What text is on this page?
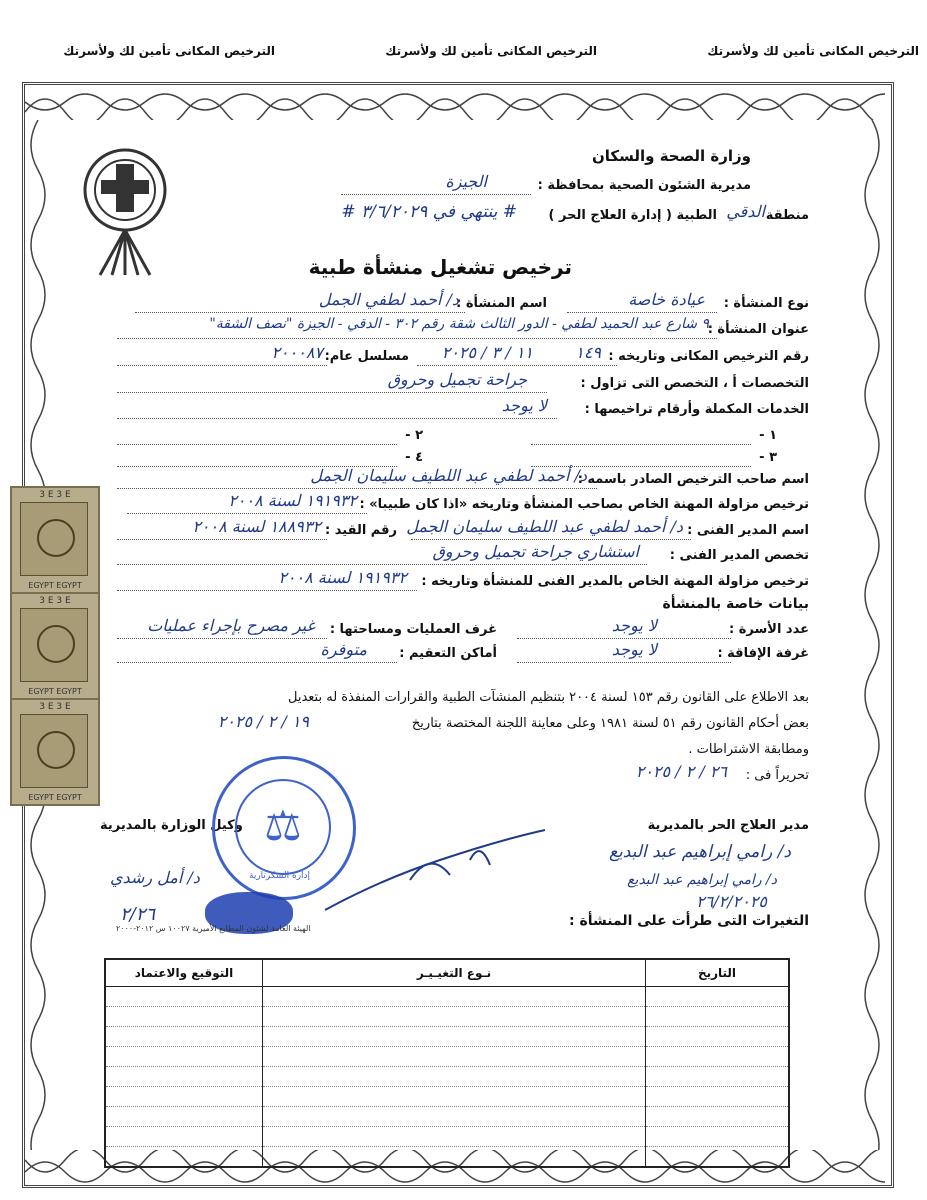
الترخيص المكانى تأمين لك ولأسرتك
الترخيص المكانى تأمين لك ولأسرتك
الترخيص المكانى تأمين لك ولأسرتك
وزارة الصحة والسكان
مديرية الشئون الصحية بمحافظة :
الجيزة
منطقة
الدقي
الطبية ( إدارة العلاج الحر )
# ينتهي في ٣/٦/٢٠٢٩ #
ترخيص تشغيل منشأة طبية
نوع المنشأة :
عيادة خاصة
اسم المنشأة :
د/ أحمد لطفي الجمل
عنوان المنشأة :
٩ شارع عبد الحميد لطفي - الدور الثالث شقة رقم ٣٠٢ - الدقي - الجيزة "نصف الشقة"
رقم الترخيص المكانى وتاريخه :
١٤٩
١١ / ٣ / ٢٠٢٥
مسلسل عام:
٢٠٠٠٨٧
التخصصات أ ، التخصص التى تزاول :
جراحة تجميل وحروق
الخدمات المكملة وأرقام تراخيصها :
لا يوجد
١ -
٢ -
٣ -
٤ -
اسم صاحب الترخيص الصادر باسمه :
د/ أحمد لطفي عبد اللطيف سليمان الجمل
ترخيص مزاولة المهنة الخاص بصاحب المنشأة وتاريخه «اذا كان طبيبا» :
١٩١٩٣٢ لسنة ٢٠٠٨
اسم المدير الفنى :
د/ أحمد لطفي عبد اللطيف سليمان الجمل
رقم القيد :
١٨٨٩٣٢ لسنة ٢٠٠٨
تخصص المدير الفنى :
استشاري جراحة تجميل وحروق
ترخيص مزاولة المهنة الخاص بالمدير الفنى للمنشأة وتاريخه :
١٩١٩٣٢ لسنة ٢٠٠٨
بيانات خاصة بالمنشأة
عدد الأسرة :
لا يوجد
غرف العمليات ومساحتها :
غير مصرح بإجراء عمليات
غرفة الإفاقة :
لا يوجد
أماكن التعقيم :
متوفرة
3 E 3 E
EGYPT EGYPT
3 E 3 E
EGYPT EGYPT
3 E 3 E
EGYPT EGYPT
بعد الاطلاع على القانون رقم ١٥٣ لسنة ٢٠٠٤ بتنظيم المنشآت الطبية والقرارات المنفذة له بتعديل
بعض أحكام القانون رقم ٥١ لسنة ١٩٨١ وعلى معاينة اللجنة المختصة بتاريخ
١٩ / ٢ / ٢٠٢٥
ومطابقة الاشتراطات .
تحريراً فى :
٢٦ / ٢ / ٢٠٢٥
مدير العلاج الحر بالمديرية
د/ رامي إبراهيم عبد البديع
د/ رامي إبراهيم عبد البديع
٢٦/٢/٢٠٢٥
وكيل الوزارة بالمديرية
د/ أمل رشدي
٢/٢٦
⚖
إدارة السكرتارية
الهيئة العامة لشئون المطابع الأميرية ١٠٠٢٧ س ٢٠١٢-٢٠٠٠	التغيرات التى طرأت على المنشأة :
التاريخ	نـوع التغيـيـر	التوقيع والاعتماد
